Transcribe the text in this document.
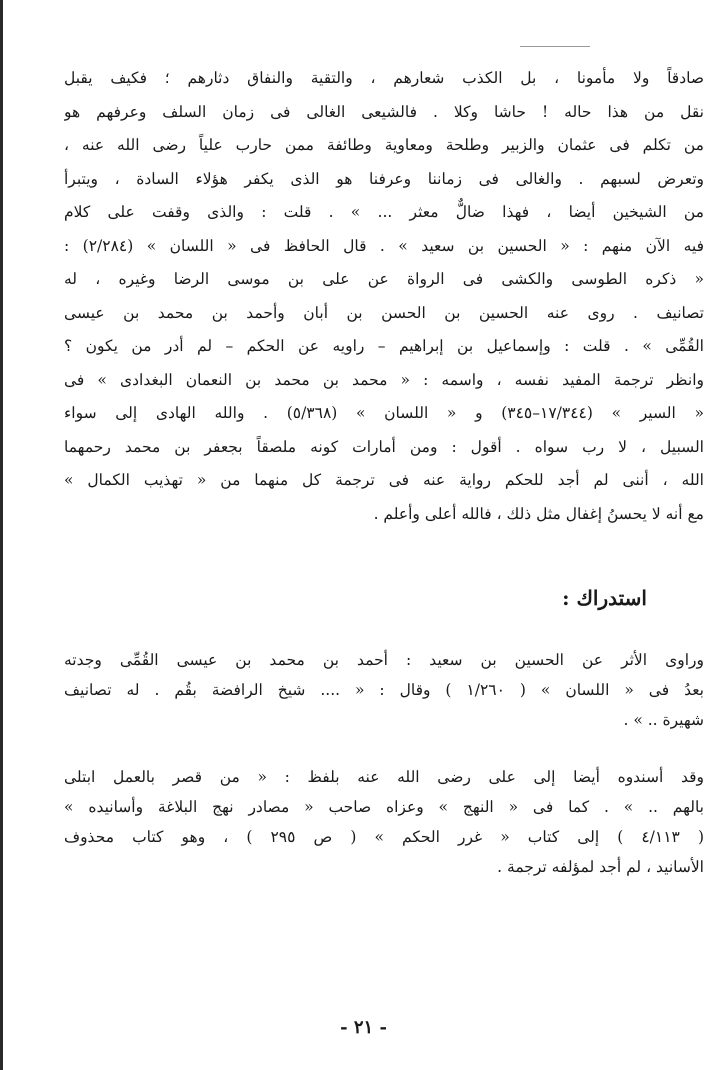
صادقاً ولا مأمونا ، بل الكذب شعارهم ، والتقية والنفاق دثارهم ؛ فكيف يقبل
نقل من هذا حاله ! حاشا وكلا . فالشيعى الغالى فى زمان السلف وعرفهم هو
من تكلم فى عثمان والزبير وطلحة ومعاوية وطائفة ممن حارب علياً رضى الله عنه ،
وتعرض لسبهم . والغالى فى زماننا وعرفنا هو الذى يكفر هؤلاء السادة ، ويتبرأ
من الشيخين أيضا ، فهذا ضالٌّ معثر ... » . قلت : والذى وقفت على كلام
فيه الآن منهم : « الحسين بن سعيد » . قال الحافظ فى « اللسان » (٢/٢٨٤) :
« ذكره الطوسى والكشى فى الرواة عن على بن موسى الرضا وغيره ، له
تصانيف . روى عنه الحسين بن الحسن بن أبان وأحمد بن محمد بن عيسى
القُمِّى » . قلت : وإسماعيل بن إبراهيم – راويه عن الحكم – لم أدر من يكون ؟
وانظر ترجمة المفيد نفسه ، واسمه : « محمد بن محمد بن النعمان البغدادى » فى
« السير » (١٧/٣٤٤–٣٤٥) و « اللسان » (٥/٣٦٨) . والله الهادى إلى سواء
السبيل ، لا رب سواه . أقول : ومن أمارات كونه ملصقاً بجعفر بن محمد رحمهما
الله ، أننى لم أجد للحكم رواية عنه فى ترجمة كل منهما من « تهذيب الكمال »
مع أنه لا يحسنُ إغفال مثل ذلك ، فالله أعلى وأعلم .

استدراك :

وراوى الأثر عن الحسين بن سعيد : أحمد بن محمد بن عيسى القُمِّى وجدته
بعدُ فى « اللسان » ( ١/٢٦٠ ) وقال : « .... شيخ الرافضة بقُم . له تصانيف
شهيرة .. » .

وقد أسندوه أيضا إلى على رضى الله عنه بلفظ : « من قصر بالعمل ابتلى
بالهم .. » . كما فى « النهج » وعزاه صاحب « مصادر نهج البلاغة وأسانيده »
( ٤/١١٣ ) إلى كتاب « غرر الحكم » ( ص ٢٩٥ ) ، وهو كتاب محذوف
الأسانيد ، لم أجد لمؤلفه ترجمة .

- ٢١ -
